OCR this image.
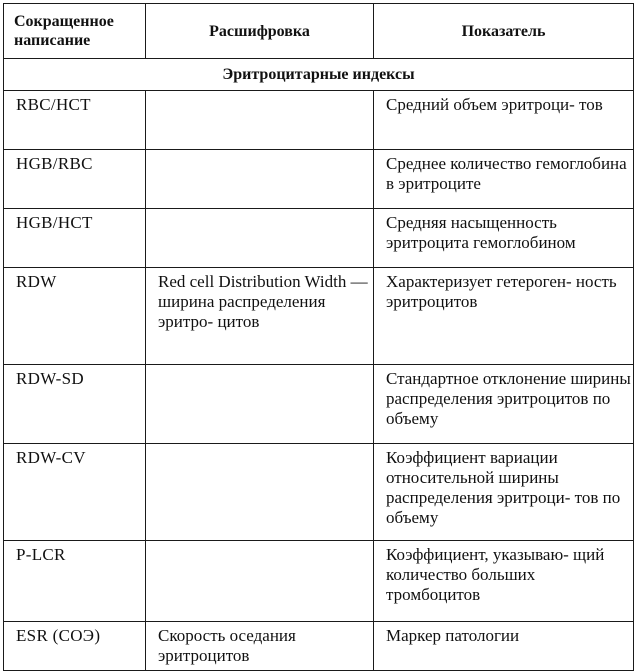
Сокращенное написание	Расшифровка	Показатель
Эритроцитарные индексы		
RBC/HCT		Средний объем эритроци- тов
HGB/RBC		Среднее количество гемоглобина в эритроците
HGB/HCT		Средняя насыщенность эритроцита гемоглобином
RDW	Red cell Distribution Width — ширина распределения эритро- цитов	Характеризует гетероген- ность эритроцитов
RDW-SD		Стандартное отклонение ширины распределения эритроцитов по объему
RDW-CV		Коэффициент вариации относительной ширины распределения эритроци- тов по объему
P-LCR		Коэффициент, указываю- щий количество больших тромбоцитов
ESR (СОЭ)	Скорость оседания эритроцитов	Маркер патологии
